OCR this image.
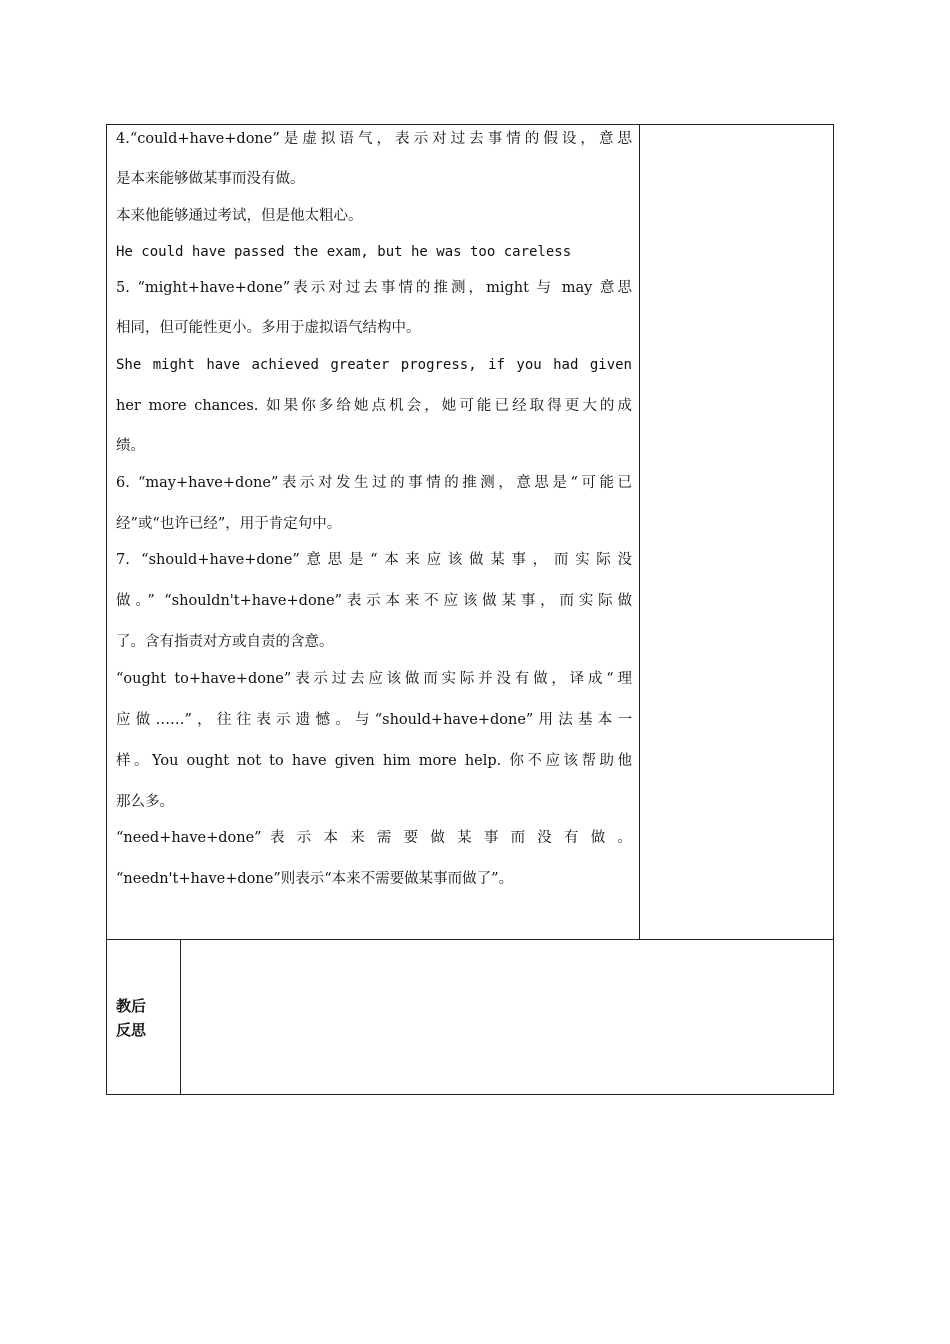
4.“could+have+done”是虚拟语气，表示对过去事情的假设，意思
是本来能够做某事而没有做。
本来他能够通过考试，但是他太粗心。
He could have passed the exam, but he was too careless
5. “might+have+done”表示对过去事情的推测，might 与 may 意思
相同，但可能性更小。多用于虚拟语气结构中。
She might have achieved greater progress, if you had given
her more chances. 如果你多给她点机会，她可能已经取得更大的成
绩。
6. “may+have+done”表示对发生过的事情的推测，意思是“可能已
经”或“也许已经”，用于肯定句中。
7. “should+have+done”意思是“本来应该做某事，而实际没
做。” “shouldn't+have+done”表示本来不应该做某事，而实际做
了。含有指责对方或自责的含意。
“ought to+have+done”表示过去应该做而实际并没有做，译成“理
应做……”，往往表示遗憾。与“should+have+done”用法基本一
样。You ought not to have given him more help. 你不应该帮助他
那么多。
“need+have+done” 表 示 本 来 需 要 做 某 事 而 没 有 做 。
“needn't+have+done”则表示“本来不需要做某事而做了”。
教后
反思
